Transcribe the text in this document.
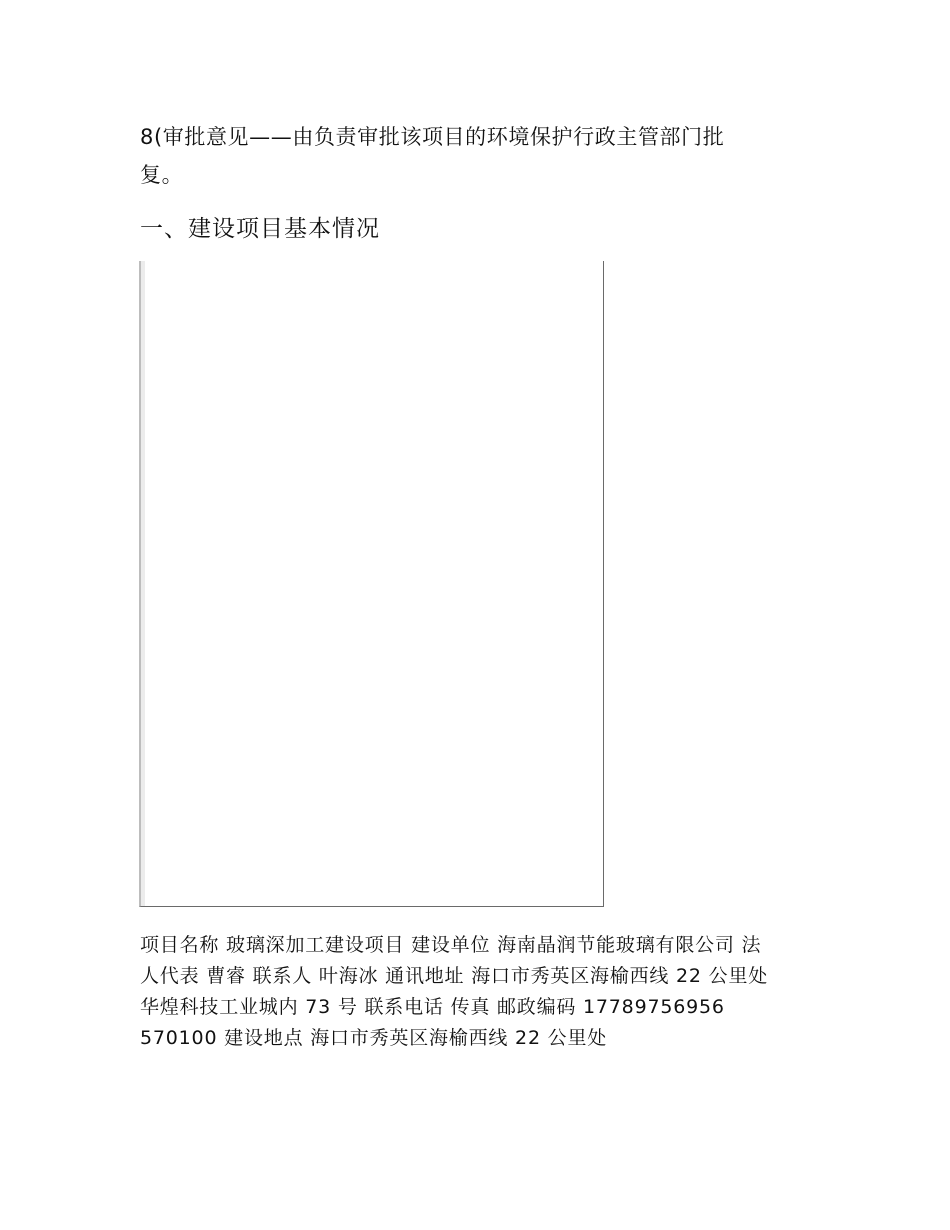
8(审批意见——由负责审批该项目的环境保护行政主管部门批
复。

一、建设项目基本情况

项目名称 玻璃深加工建设项目 建设单位 海南晶润节能玻璃有限公司 法
人代表 曹睿 联系人 叶海冰 通讯地址 海口市秀英区海榆西线 22 公里处
华煌科技工业城内 73 号 联系电话 传真 邮政编码 17789756956
570100 建设地点 海口市秀英区海榆西线 22 公里处
